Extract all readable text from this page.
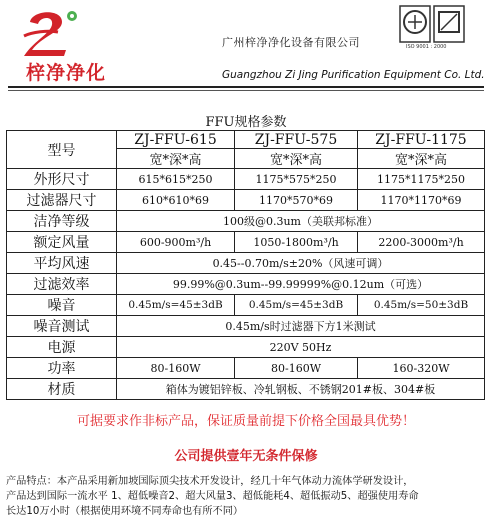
梓净净化
广州梓净净化设备有限公司	ISO 9001 : 2000
Guangzhou Zi Jing Purification Equipment Co. Ltd.
FFU规格参数
型号	ZJ-FFU-615	ZJ-FFU-575	ZJ-FFU-1175
	宽*深*高	宽*深*高	宽*深*高
外形尺寸	615*615*250	1175*575*250	1175*1175*250
过滤器尺寸	610*610*69	1170*570*69	1170*1170*69
洁净等级	100级@0.3um（美联邦标准）		
额定风量	600-900m³/h	1050-1800m³/h	2200-3000m³/h
平均风速	0.45--0.70m/s±20%（风速可调）		
过滤效率	99.99%@0.3um--99.99999%@0.12um（可选）		
噪音	0.45m/s=45±3dB	0.45m/s=45±3dB	0.45m/s=50±3dB
噪音测试	0.45m/s时过滤器下方1米测试		
电源	220V 50Hz		
功率	80-160W	80-160W	160-320W
材质	箱体为镀铝锌板、冷轧钢板、不锈钢201#板、304#板		
可据要求作非标产品，保证质量前提下价格全国最具优势！
公司提供壹年无条件保修
产品特点：本产品采用新加坡国际顶尖技术开发设计，经几十年气体动力流体学研发设计，
产品达到国际一流水平 1、超低噪音2、超大风量3、超低能耗4、超低振动5、超强使用寿命
长达10万小时（根据使用环境不同寿命也有所不同）
